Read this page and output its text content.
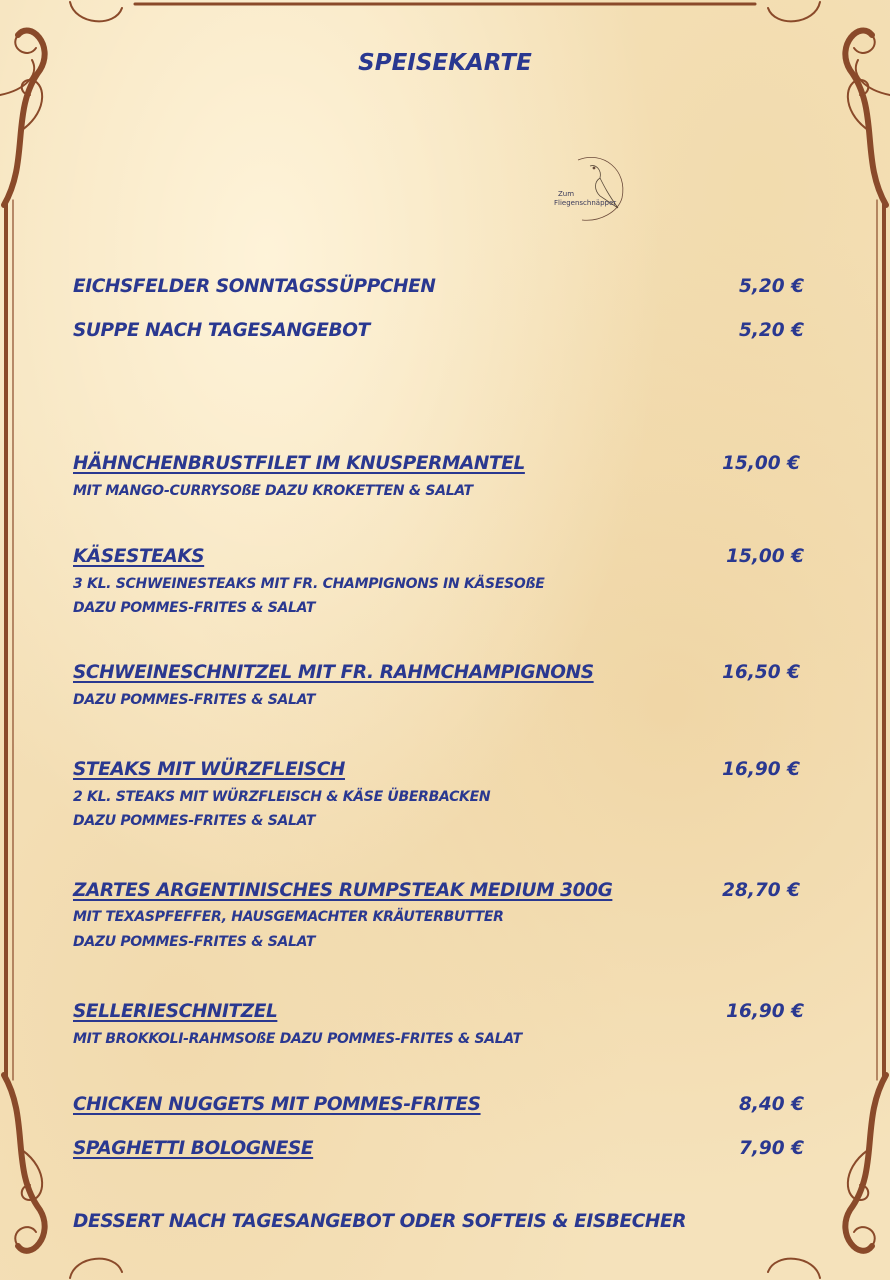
SPEISEKARTE
Zum
Fliegenschnäpper

EICHSFELDER SONNTAGSSÜPPCHEN	5,20 €

SUPPE NACH TAGESANGEBOT	5,20 €

HÄHNCHENBRUSTFILET IM KNUSPERMANTEL	15,00 €

MIT MANGO-CURRYSOßE DAZU KROKETTEN & SALAT

KÄSESTEAKS	15,00 €

3 KL. SCHWEINESTEAKS MIT FR. CHAMPIGNONS IN KÄSESOßE

DAZU POMMES-FRITES & SALAT

SCHWEINESCHNITZEL MIT FR. RAHMCHAMPIGNONS	16,50 €

DAZU POMMES-FRITES & SALAT

STEAKS MIT WÜRZFLEISCH	16,90 €

2 KL. STEAKS MIT WÜRZFLEISCH & KÄSE ÜBERBACKEN

DAZU POMMES-FRITES & SALAT

ZARTES ARGENTINISCHES RUMPSTEAK MEDIUM 300G	28,70 €

MIT TEXASPFEFFER, HAUSGEMACHTER KRÄUTERBUTTER

DAZU POMMES-FRITES & SALAT

SELLERIESCHNITZEL	16,90 €

MIT BROKKOLI-RAHMSOßE DAZU POMMES-FRITES & SALAT

CHICKEN NUGGETS MIT POMMES-FRITES	8,40 €

SPAGHETTI BOLOGNESE	7,90 €

DESSERT NACH TAGESANGEBOT ODER SOFTEIS & EISBECHER
